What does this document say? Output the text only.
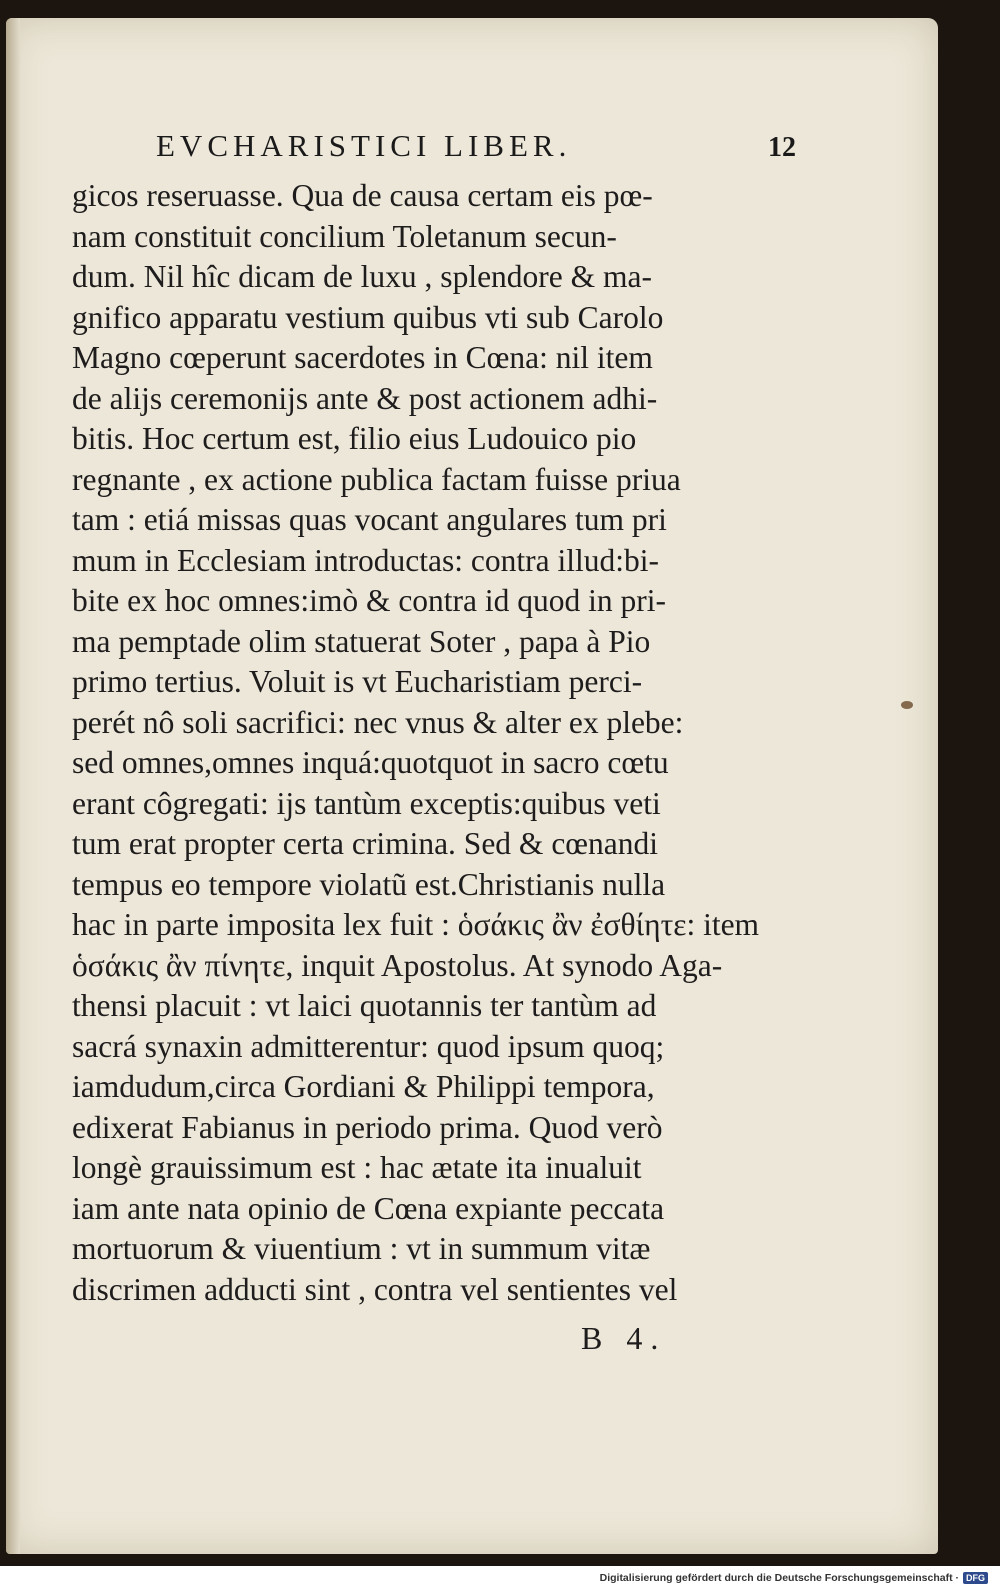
EVCHARISTICI LIBER.	12
gicos reseruasse. Qua de causa certam eis pœ-
nam constituit concilium Toletanum secun-
dum. Nil hîc dicam de luxu , splendore & ma-
gnifico apparatu vestium quibus vti sub Carolo
Magno cœperunt sacerdotes in Cœna: nil item
de alijs ceremonijs ante & post actionem adhi-
bitis. Hoc certum est, filio eius Ludouico pio
regnante , ex actione publica factam fuisse priua
tam : etiá missas quas vocant angulares tum pri
mum in Ecclesiam introductas: contra illud:bi-
bite ex hoc omnes:imò & contra id quod in pri-
ma pemptade olim statuerat Soter , papa à Pio
primo tertius. Voluit is vt Eucharistiam perci-
perét nô soli sacrifici: nec vnus & alter ex plebe:
sed omnes,omnes inquá:quotquot in sacro cœtu
erant côgregati: ijs tantùm exceptis:quibus veti
tum erat propter certa crimina. Sed & cœnandi
tempus eo tempore violatũ est.Christianis nulla
hac in parte imposita lex fuit : ὁσάκις ἂν ἐσθίητε: item
ὁσάκις ἂν πίνητε, inquit Apostolus. At synodo Aga-
thensi placuit : vt laici quotannis ter tantùm ad
sacrá synaxin admitterentur: quod ipsum quoq;
iamdudum,circa Gordiani & Philippi tempora,
edixerat Fabianus in periodo prima. Quod verò
longè grauissimum est : hac ætate ita inualuit
iam ante nata opinio de Cœna expiante peccata
mortuorum & viuentium : vt in summum vitæ
discrimen adducti sint , contra vel sentientes vel
B 4.
Digitalisierung gefördert durch die Deutsche Forschungsgemeinschaft · DFG
